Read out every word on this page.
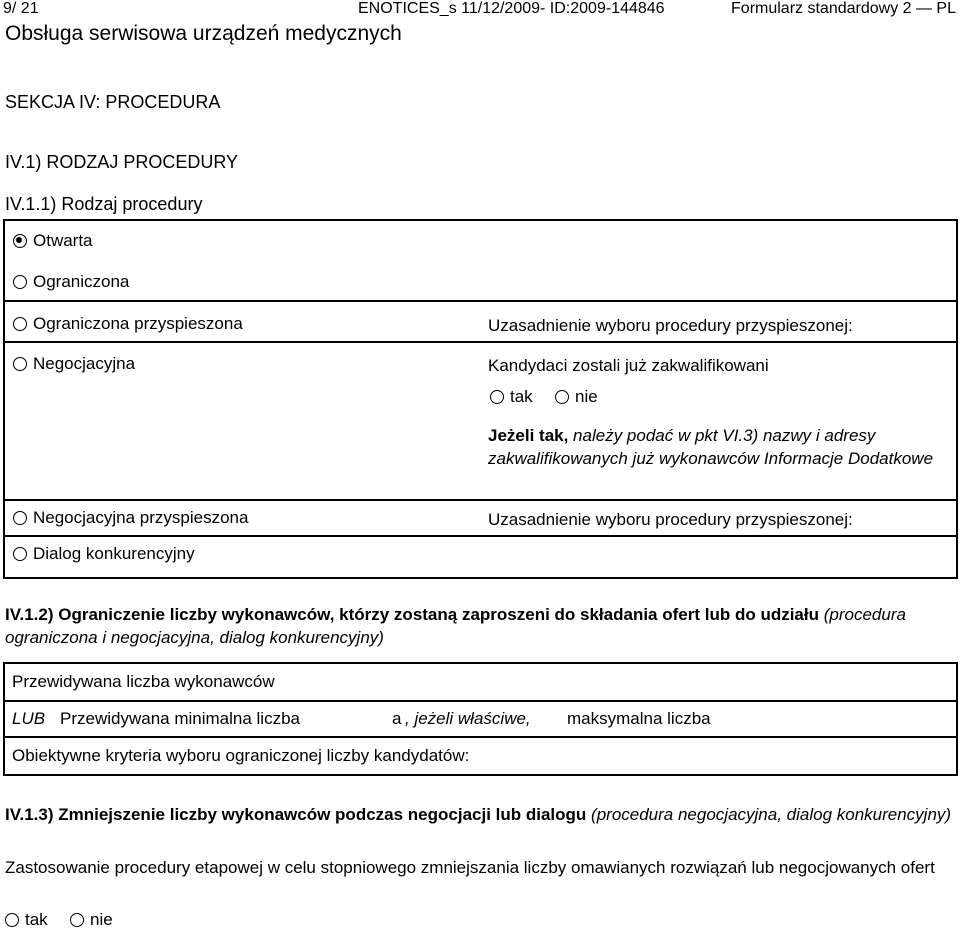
9/ 21	ENOTICES_s 11/12/2009- ID:2009-144846	Formularz standardowy 2 — PL
Obsługa serwisowa urządzeń medycznych
SEKCJA IV: PROCEDURA
IV.1) RODZAJ PROCEDURY
IV.1.1) Rodzaj procedury
Otwarta
Ograniczona
Ograniczona przyspieszona	Uzasadnienie wyboru procedury przyspieszonej:
Negocjacyjna	Kandydaci zostali już zakwalifikowani
tak nie
Jeżeli tak, należy podać w pkt VI.3) nazwy i adresy zakwalifikowanych już wykonawców Informacje Dodatkowe
Negocjacyjna przyspieszona	Uzasadnienie wyboru procedury przyspieszonej:
Dialog konkurencyjny
IV.1.2) Ograniczenie liczby wykonawców, którzy zostaną zaproszeni do składania ofert lub do udziału (procedura ograniczona i negocjacyjna, dialog konkurencyjny)
Przewidywana liczba wykonawców
LUB Przewidywana minimalna liczba	a , jeżeli właściwe, maksymalna liczba
Obiektywne kryteria wyboru ograniczonej liczby kandydatów:
IV.1.3) Zmniejszenie liczby wykonawców podczas negocjacji lub dialogu (procedura negocjacyjna, dialog konkurencyjny)
Zastosowanie procedury etapowej w celu stopniowego zmniejszania liczby omawianych rozwiązań lub negocjowanych ofert
tak nie
